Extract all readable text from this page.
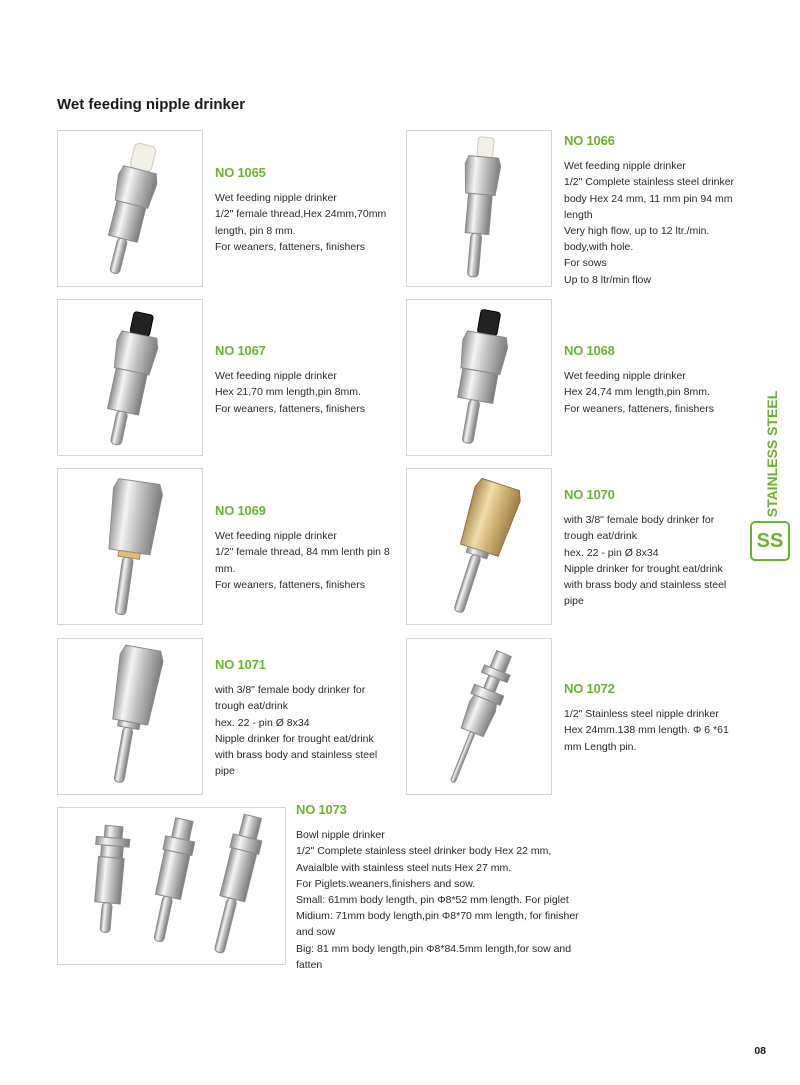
Wet feeding nipple drinker
NO 1065
Wet feeding nipple drinker
1/2" female thread,Hex 24mm,70mm
length, pin 8 mm.
For weaners, fatteners, finishers
NO 1066
Wet feeding nipple drinker
1/2" Complete stainless steel drinker
body Hex 24 mm, 11 mm pin 94 mm
length
Very high flow, up to 12 ltr./min.
body,with hole.
For sows
Up to 8 ltr/min flow
NO 1067
Wet feeding nipple drinker
Hex 21,70 mm length,pin 8mm.
For weaners, fatteners, finishers
NO 1068
Wet feeding nipple drinker
Hex 24,74 mm length,pin 8mm.
For weaners, fatteners, finishers
NO 1069
Wet feeding nipple drinker
1/2" female thread, 84 mm lenth pin 8
mm.
For weaners, fatteners, finishers
NO 1070
with 3/8" female body drinker for
trough eat/drink
hex. 22 - pin Ø 8x34
Nipple drinker for trought eat/drink
with brass body and stainless steel
pipe
NO 1071
with 3/8" female body drinker for
trough eat/drink
hex. 22 - pin Ø 8x34
Nipple drinker for trought eat/drink
with brass body and stainless steel
pipe
NO 1072
1/2" Stainless steel nipple drinker
Hex 24mm.138 mm length. Φ 6 *61
mm Length pin.
NO 1073
Bowl nipple drinker
1/2" Complete stainless steel drinker body Hex 22 mm,
Avaialble with stainless steel nuts Hex 27 mm.
For Piglets.weaners,finishers and sow.
Small: 61mm body length, pin Φ8*52 mm length. For piglet
Midium: 71mm body length,pin Φ8*70 mm length, for finisher
and sow
Big: 81 mm body length,pin Φ8*84.5mm length,for sow and
fatten
STAINLESS STEEL
SS
08
